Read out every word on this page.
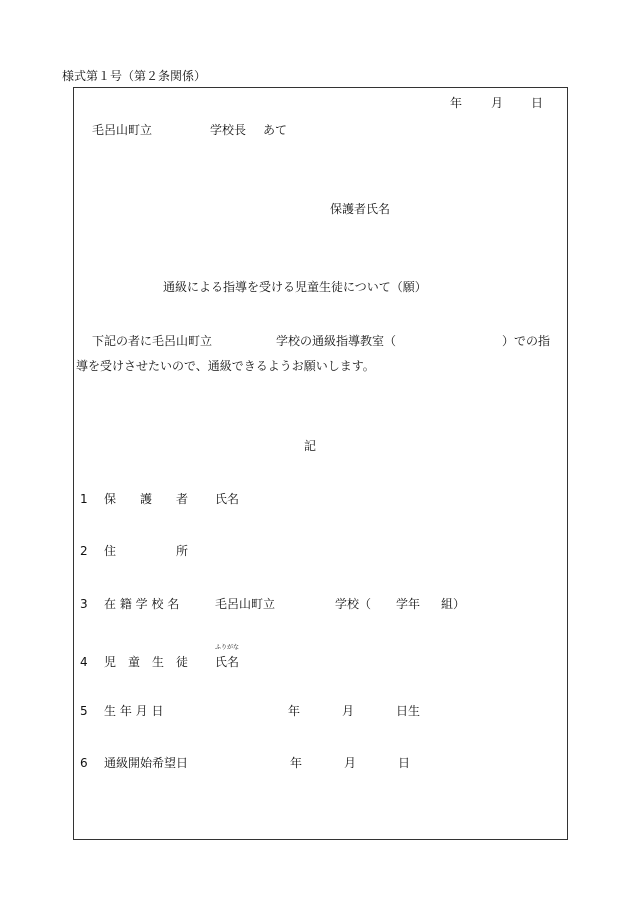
様式第１号（第２条関係）
年 月 日
毛呂山町立	学校長 あて
保護者氏名
通級による指導を受ける児童生徒について（願）
下記の者に毛呂山町立	学校の通級指導教室（	）での指
導を受けさせたいので、通級できるようお願いします。
記
1 保 護 者 氏名
2 住	所
3 在 籍 学 校 名	毛呂山町立	学校（ 学年 組）
ふりがな
4 児 童 生 徒 氏名
5 生 年 月 日	年	月	日生
6 通級開始希望日	年	月	日
